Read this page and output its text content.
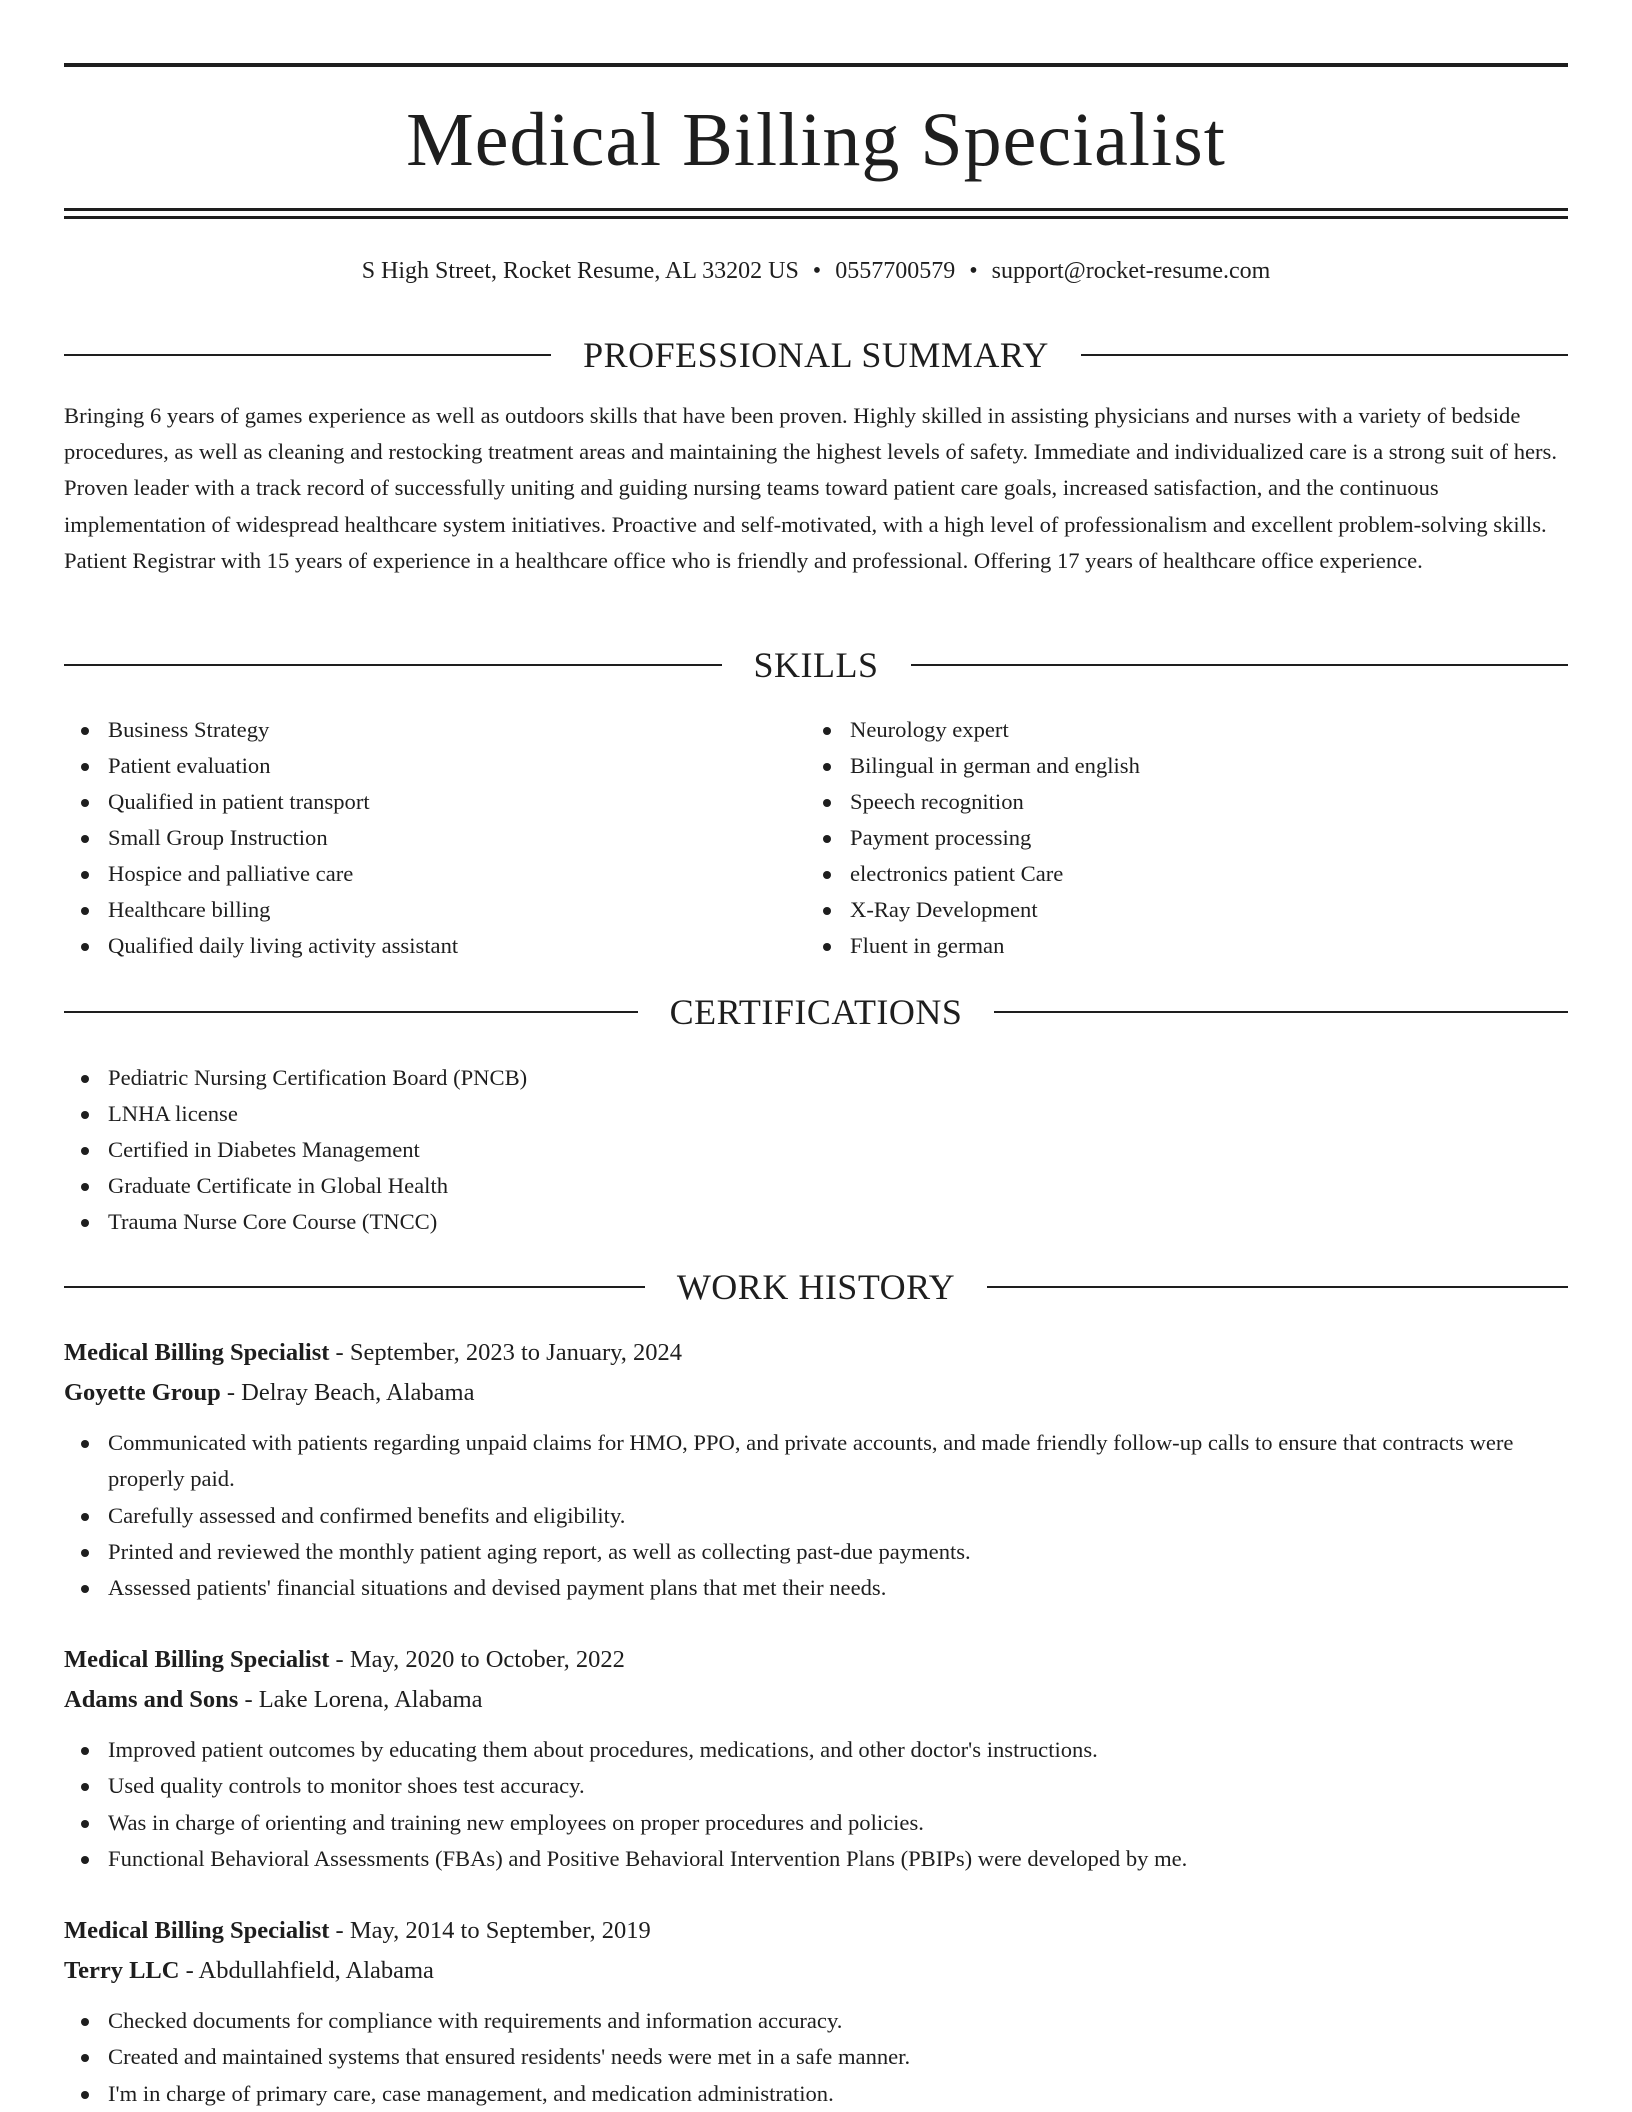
Medical Billing Specialist
S High Street, Rocket Resume, AL 33202 US • 0557700579 • support@rocket-resume.com
PROFESSIONAL SUMMARY

Bringing 6 years of games experience as well as outdoors skills that have been proven. Highly skilled in assisting physicians and nurses with a variety of bedside procedures, as well as cleaning and restocking treatment areas and maintaining the highest levels of safety. Immediate and individualized care is a strong suit of hers. Proven leader with a track record of successfully uniting and guiding nursing teams toward patient care goals, increased satisfaction, and the continuous implementation of widespread healthcare system initiatives. Proactive and self-motivated, with a high level of professionalism and excellent problem-solving skills. Patient Registrar with 15 years of experience in a healthcare office who is friendly and professional. Offering 17 years of healthcare office experience.

SKILLS
Business Strategy
Patient evaluation
Qualified in patient transport
Small Group Instruction
Hospice and palliative care
Healthcare billing
Qualified daily living activity assistant
Neurology expert
Bilingual in german and english
Speech recognition
Payment processing
electronics patient Care
X-Ray Development
Fluent in german
CERTIFICATIONS
Pediatric Nursing Certification Board (PNCB)
LNHA license
Certified in Diabetes Management
Graduate Certificate in Global Health
Trauma Nurse Core Course (TNCC)
WORK HISTORY
Medical Billing Specialist - September, 2023 to January, 2024
Goyette Group - Delray Beach, Alabama
Communicated with patients regarding unpaid claims for HMO, PPO, and private accounts, and made friendly follow-up calls to ensure that contracts were properly paid.
Carefully assessed and confirmed benefits and eligibility.
Printed and reviewed the monthly patient aging report, as well as collecting past-due payments.
Assessed patients' financial situations and devised payment plans that met their needs.
Medical Billing Specialist - May, 2020 to October, 2022
Adams and Sons - Lake Lorena, Alabama
Improved patient outcomes by educating them about procedures, medications, and other doctor's instructions.
Used quality controls to monitor shoes test accuracy.
Was in charge of orienting and training new employees on proper procedures and policies.
Functional Behavioral Assessments (FBAs) and Positive Behavioral Intervention Plans (PBIPs) were developed by me.
Medical Billing Specialist - May, 2014 to September, 2019
Terry LLC - Abdullahfield, Alabama
Checked documents for compliance with requirements and information accuracy.
Created and maintained systems that ensured residents' needs were met in a safe manner.
I'm in charge of primary care, case management, and medication administration.
